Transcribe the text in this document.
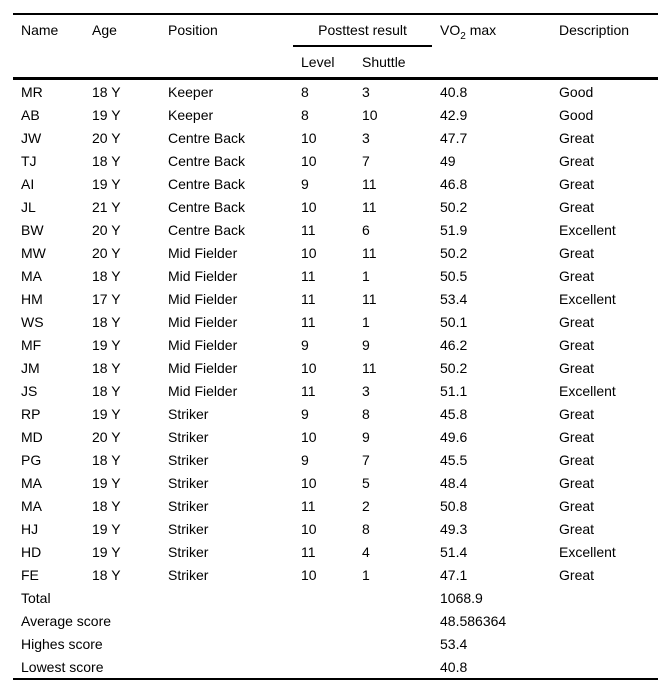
Name	Age	Position	Posttest result		$VO_2$ max	Description
			Level	Shuttle		
MR	18 Y	Keeper	8	3	40.8	Good
AB	19 Y	Keeper	8	10	42.9	Good
JW	20 Y	Centre Back	10	3	47.7	Great
TJ	18 Y	Centre Back	10	7	49	Great
AI	19 Y	Centre Back	9	11	46.8	Great
JL	21 Y	Centre Back	10	11	50.2	Great
BW	20 Y	Centre Back	11	6	51.9	Excellent
MW	20 Y	Mid Fielder	10	11	50.2	Great
MA	18 Y	Mid Fielder	11	1	50.5	Great
HM	17 Y	Mid Fielder	11	11	53.4	Excellent
WS	18 Y	Mid Fielder	11	1	50.1	Great
MF	19 Y	Mid Fielder	9	9	46.2	Great
JM	18 Y	Mid Fielder	10	11	50.2	Great
JS	18 Y	Mid Fielder	11	3	51.1	Excellent
RP	19 Y	Striker	9	8	45.8	Great
MD	20 Y	Striker	10	9	49.6	Great
PG	18 Y	Striker	9	7	45.5	Great
MA	19 Y	Striker	10	5	48.4	Great
MA	18 Y	Striker	11	2	50.8	Great
HJ	19 Y	Striker	10	8	49.3	Great
HD	19 Y	Striker	11	4	51.4	Excellent
FE	18 Y	Striker	10	1	47.1	Great
Total					1068.9	
Average score					48.586364	
Highes score					53.4	
Lowest score					40.8	
